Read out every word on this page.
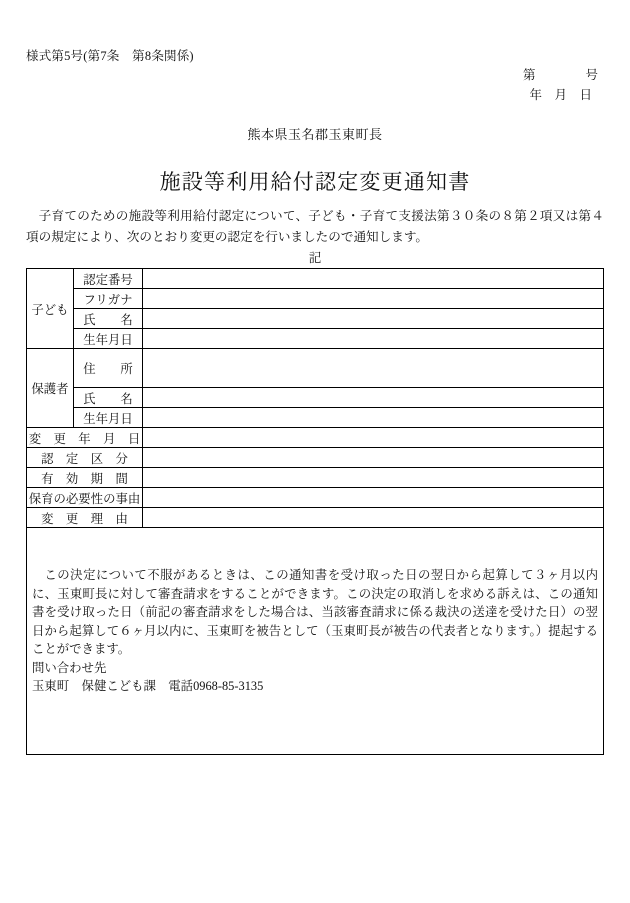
様式第5号(第7条　第8条関係)
第　　　　号
年　月　日
熊本県玉名郡玉東町長
施設等利用給付認定変更通知書
子育てのための施設等利用給付認定について、子ども・子育て支援法第３０条の８第２項又は第４項の規定により、次のとおり変更の認定を行いましたので通知します。
記
子ども	認定番号	
	フリガナ	
	氏　　名	
	生年月日	
保護者	住　　所	
	氏　　名	
	生年月日	
変　更　年　月　日		
認　定　区　分		
有　効　期　間		
保育の必要性の事由		
変　更　理　由		

この決定について不服があるときは、この通知書を受け取った日の翌日から起算して３ヶ月以内に、玉東町長に対して審査請求をすることができます。この決定の取消しを求める訴えは、この通知書を受け取った日（前記の審査請求をした場合は、当該審査請求に係る裁決の送達を受けた日）の翌日から起算して６ヶ月以内に、玉東町を被告として（玉東町長が被告の代表者となります。）提起することができます。

問い合わせ先

玉東町　保健こども課　電話0968-85-3135		
